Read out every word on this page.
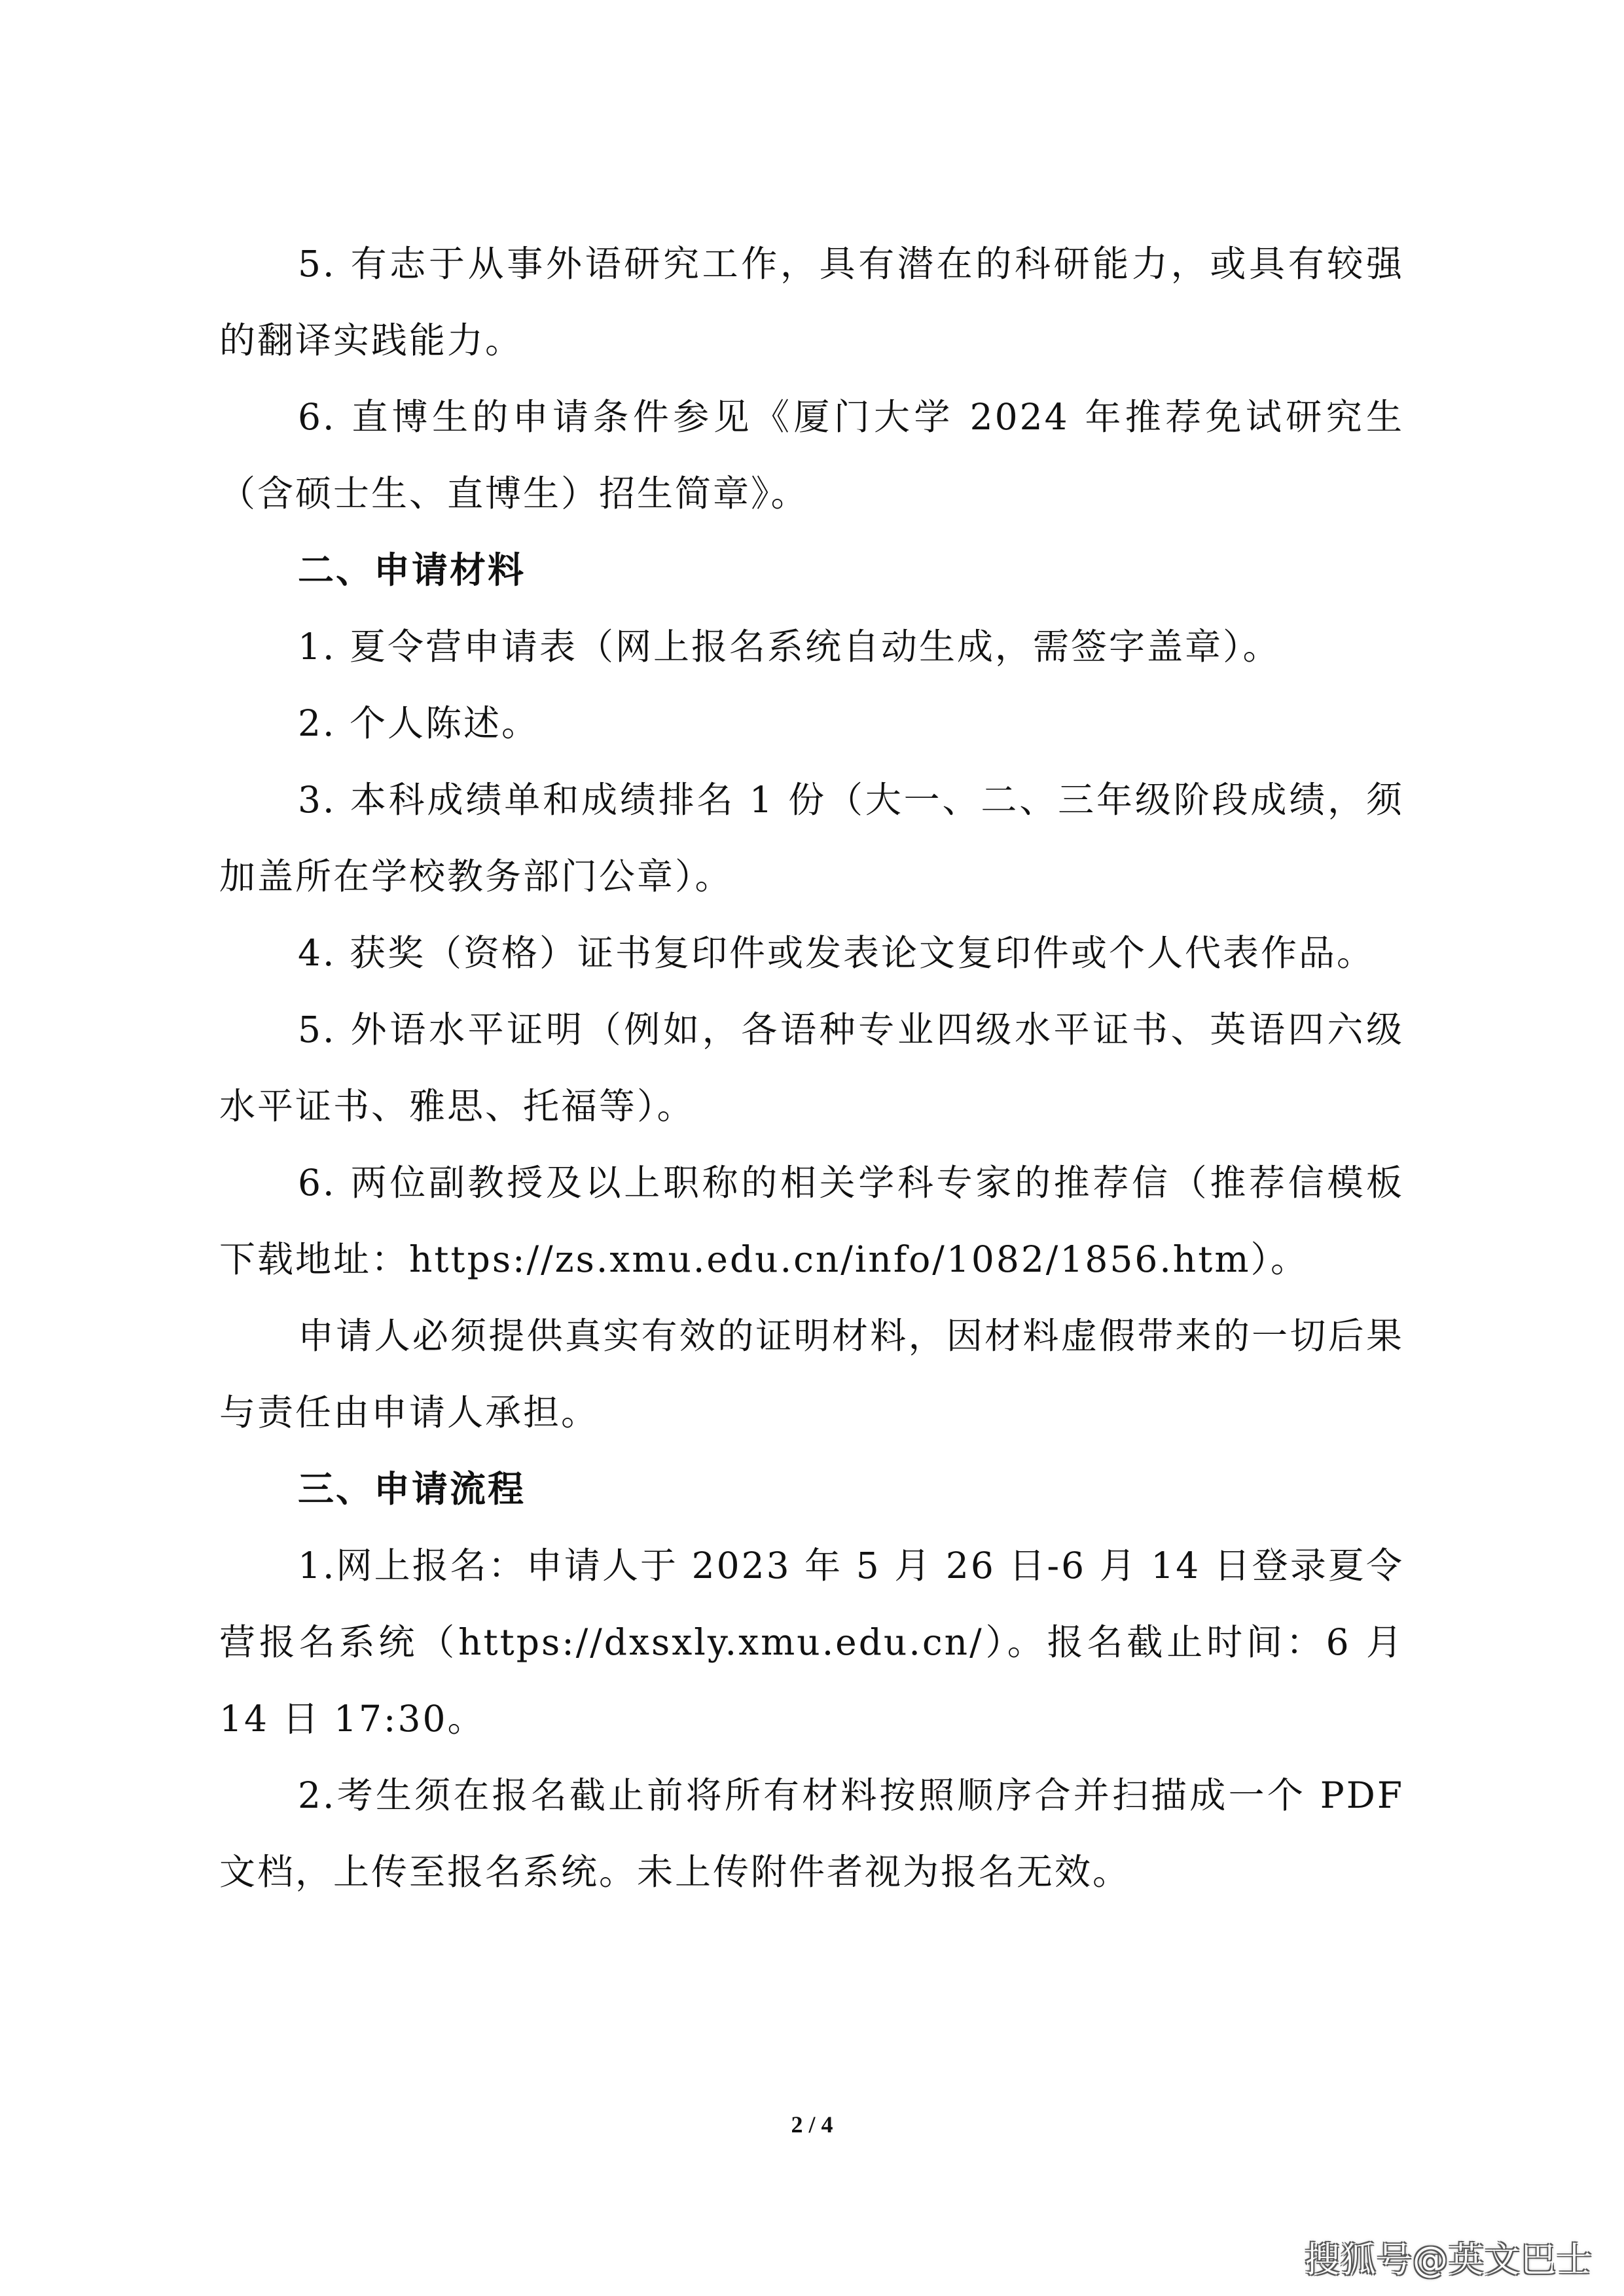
5. 有志于从事外语研究工作，具有潜在的科研能力，或具有较强的翻译实践能力。

6. 直博生的申请条件参见《厦门大学 2024 年推荐免试研究生（含硕士生、直博生）招生简章》。

二、申请材料

1. 夏令营申请表（网上报名系统自动生成，需签字盖章）。

2. 个人陈述。

3. 本科成绩单和成绩排名 1 份（大一、二、三年级阶段成绩，须加盖所在学校教务部门公章）。

4. 获奖（资格）证书复印件或发表论文复印件或个人代表作品。

5. 外语水平证明（例如，各语种专业四级水平证书、英语四六级水平证书、雅思、托福等）。

6. 两位副教授及以上职称的相关学科专家的推荐信（推荐信模板下载地址：https://zs.xmu.edu.cn/info/1082/1856.htm）。

申请人必须提供真实有效的证明材料，因材料虚假带来的一切后果与责任由申请人承担。

三、申请流程

1.网上报名：申请人于 2023 年 5 月 26 日-6 月 14 日登录夏令营报名系统（https://dxsxly.xmu.edu.cn/）。报名截止时间：6 月 14 日 17:30。

2.考生须在报名截止前将所有材料按照顺序合并扫描成一个 PDF 文档，上传至报名系统。未上传附件者视为报名无效。

2 / 4
搜狐号@英文巴士
